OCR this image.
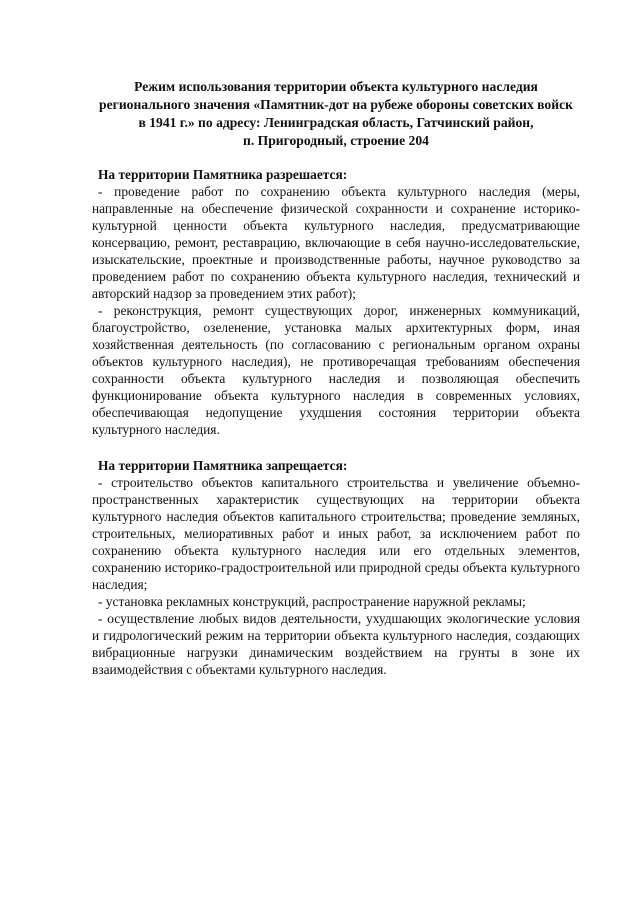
Режим использования территории объекта культурного наследия
регионального значения «Памятник-дот на рубеже обороны советских войск
в 1941 г.» по адресу: Ленинградская область, Гатчинский район,
п. Пригородный, строение 204

На территории Памятника разрешается:

- проведение работ по сохранению объекта культурного наследия (меры, направленные на обеспечение физической сохранности и сохранение историко-культурной ценности объекта культурного наследия, предусматривающие консервацию, ремонт, реставрацию, включающие в себя научно-исследовательские, изыскательские, проектные и производственные работы, научное руководство за проведением работ по сохранению объекта культурного наследия, технический и авторский надзор за проведением этих работ);

- реконструкция, ремонт существующих дорог, инженерных коммуникаций, благоустройство, озеленение, установка малых архитектурных форм, иная хозяйственная деятельность (по согласованию с региональным органом охраны объектов культурного наследия), не противоречащая требованиям обеспечения сохранности объекта культурного наследия и позволяющая обеспечить функционирование объекта культурного наследия в современных условиях, обеспечивающая недопущение ухудшения состояния территории объекта культурного наследия.

На территории Памятника запрещается:

- строительство объектов капитального строительства и увеличение объемно-пространственных характеристик существующих на территории объекта культурного наследия объектов капитального строительства; проведение земляных, строительных, мелиоративных работ и иных работ, за исключением работ по сохранению объекта культурного наследия или его отдельных элементов, сохранению историко-градостроительной или природной среды объекта культурного наследия;

- установка рекламных конструкций, распространение наружной рекламы;

- осуществление любых видов деятельности, ухудшающих экологические условия и гидрологический режим на территории объекта культурного наследия, создающих вибрационные нагрузки динамическим воздействием на грунты в зоне их взаимодействия с объектами культурного наследия.
